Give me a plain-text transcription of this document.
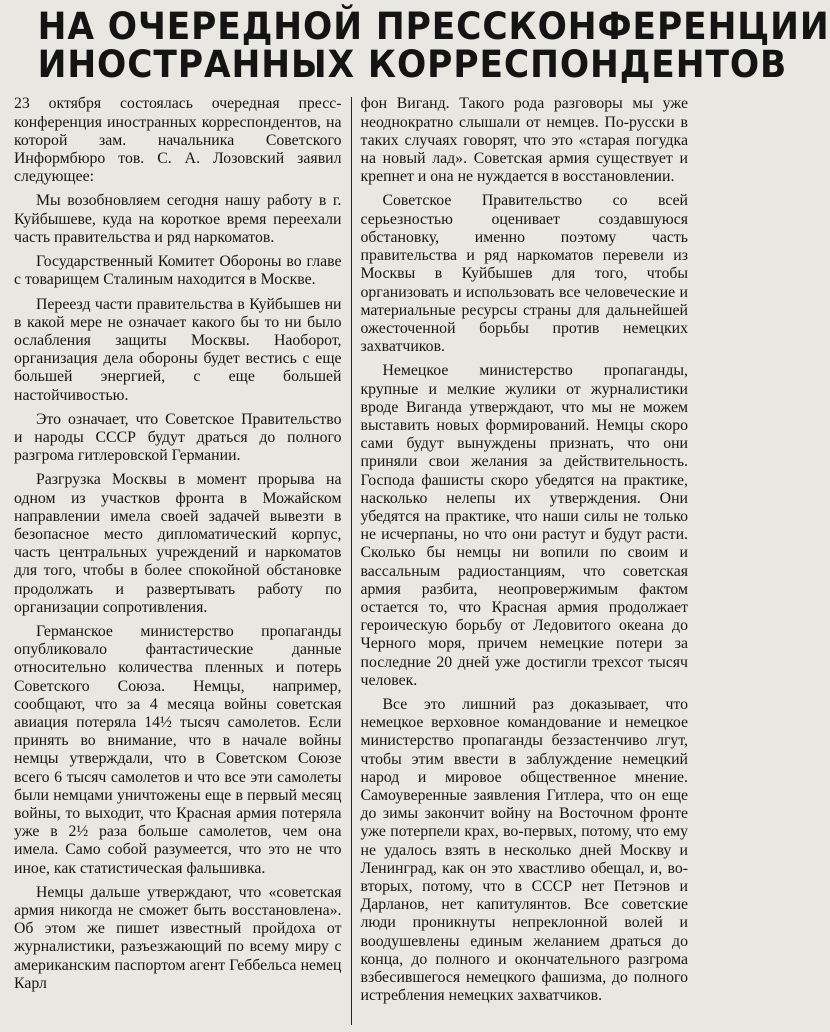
НА ОЧЕРЕДНОЙ ПРЕССКОНФЕРЕНЦИИ
ИНОСТРАННЫХ КОРРЕСПОНДЕНТОВ

23 октября состоялась очередная пресс-конференция иностранных корреспондентов, на которой зам. начальника Советского Информбюро тов. С. А. Лозовский заявил следующее:

Мы возобновляем сегодня нашу работу в г. Куйбышеве, куда на короткое время переехали часть правительства и ряд наркоматов.

Государственный Комитет Обороны во главе с товарищем Сталиным находится в Москве.

Переезд части правительства в Куйбышев ни в какой мере не означает какого бы то ни было ослабления защиты Москвы. Наоборот, организация дела обороны будет вестись с еще большей энергией, с еще большей настойчивостью.

Это означает, что Советское Правительство и народы СССР будут драться до полного разгрома гитлеровской Германии.

Разгрузка Москвы в момент прорыва на одном из участков фронта в Можайском направлении имела своей задачей вывезти в безопасное место дипломатический корпус, часть центральных учреждений и наркоматов для того, чтобы в более спокойной обстановке продолжать и развертывать работу по организации сопротивления.

Германское министерство пропаганды опубликовало фантастические данные относительно количества пленных и потерь Советского Союза. Немцы, например, сообщают, что за 4 месяца войны советская авиация потеряла 14½ тысяч самолетов. Если принять во внимание, что в начале войны немцы утверждали, что в Советском Союзе всего 6 тысяч самолетов и что все эти самолеты были немцами уничтожены еще в первый месяц войны, то выходит, что Красная армия потеряла уже в 2½ раза больше самолетов, чем она имела. Само собой разумеется, что это не что иное, как статистическая фальшивка.

Немцы дальше утверждают, что «советская армия никогда не сможет быть восстановлена». Об этом же пишет известный пройдоха от журналистики, разъезжающий по всему миру с американским паспортом агент Геббельса немец Карл

фон Виганд. Такого рода разговоры мы уже неоднократно слышали от немцев. По-русски в таких случаях говорят, что это «старая погудка на новый лад». Советская армия существует и крепнет и она не нуждается в восстановлении.

Советское Правительство со всей серьезностью оценивает создавшуюся обстановку, именно поэтому часть правительства и ряд наркоматов перевели из Москвы в Куйбышев для того, чтобы организовать и использовать все человеческие и материальные ресурсы страны для дальнейшей ожесточенной борьбы против немецких захватчиков.

Немецкое министерство пропаганды, крупные и мелкие жулики от журналистики вроде Виганда утверждают, что мы не можем выставить новых формирований. Немцы скоро сами будут вынуждены признать, что они приняли свои желания за действительность. Господа фашисты скоро убедятся на практике, насколько нелепы их утверждения. Они убедятся на практике, что наши силы не только не исчерпаны, но что они растут и будут расти. Сколько бы немцы ни вопили по своим и вассальным радиостанциям, что советская армия разбита, неопровержимым фактом остается то, что Красная армия продолжает героическую борьбу от Ледовитого океана до Черного моря, причем немецкие потери за последние 20 дней уже достигли трехсот тысяч человек.

Все это лишний раз доказывает, что немецкое верховное командование и немецкое министерство пропаганды беззастенчиво лгут, чтобы этим ввести в заблуждение немецкий народ и мировое общественное мнение. Самоуверенные заявления Гитлера, что он еще до зимы закончит войну на Восточном фронте уже потерпели крах, во-первых, потому, что ему не удалось взять в несколько дней Москву и Ленинград, как он это хвастливо обещал, и, во-вторых, потому, что в СССР нет Петэнов и Дарланов, нет капитулянтов. Все советские люди проникнуты непреклонной волей и воодушевлены единым желанием драться до конца, до полного и окончательного разгрома взбесившегося немецкого фашизма, до полного истребления немецких захватчиков.
